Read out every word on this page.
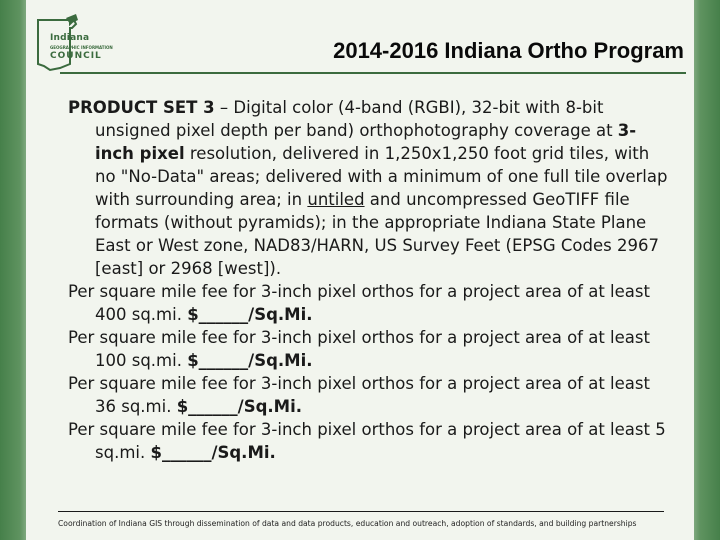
Indiana
GEOGRAPHIC INFORMATION
COUNCIL	2014-2016 Indiana Ortho Program

PRODUCT SET 3 – Digital color (4-band (RGBI), 32-bit with 8-bit unsigned pixel depth per band) orthophotography coverage at 3-inch pixel resolution, delivered in 1,250x1,250 foot grid tiles, with no "No-Data" areas; delivered with a minimum of one full tile overlap with surrounding area; in untiled and uncompressed GeoTIFF file formats (without pyramids); in the appropriate Indiana State Plane East or West zone, NAD83/HARN, US Survey Feet (EPSG Codes 2967 [east] or 2968 [west]).

Per square mile fee for 3-inch pixel orthos for a project area of at least 400 sq.mi. $______/Sq.Mi.

Per square mile fee for 3-inch pixel orthos for a project area of at least 100 sq.mi. $______/Sq.Mi.

Per square mile fee for 3-inch pixel orthos for a project area of at least 36 sq.mi. $______/Sq.Mi.

Per square mile fee for 3-inch pixel orthos for a project area of at least 5 sq.mi. $______/Sq.Mi.

Coordination of Indiana GIS through dissemination of data and data products, education and outreach, adoption of standards, and building partnerships
